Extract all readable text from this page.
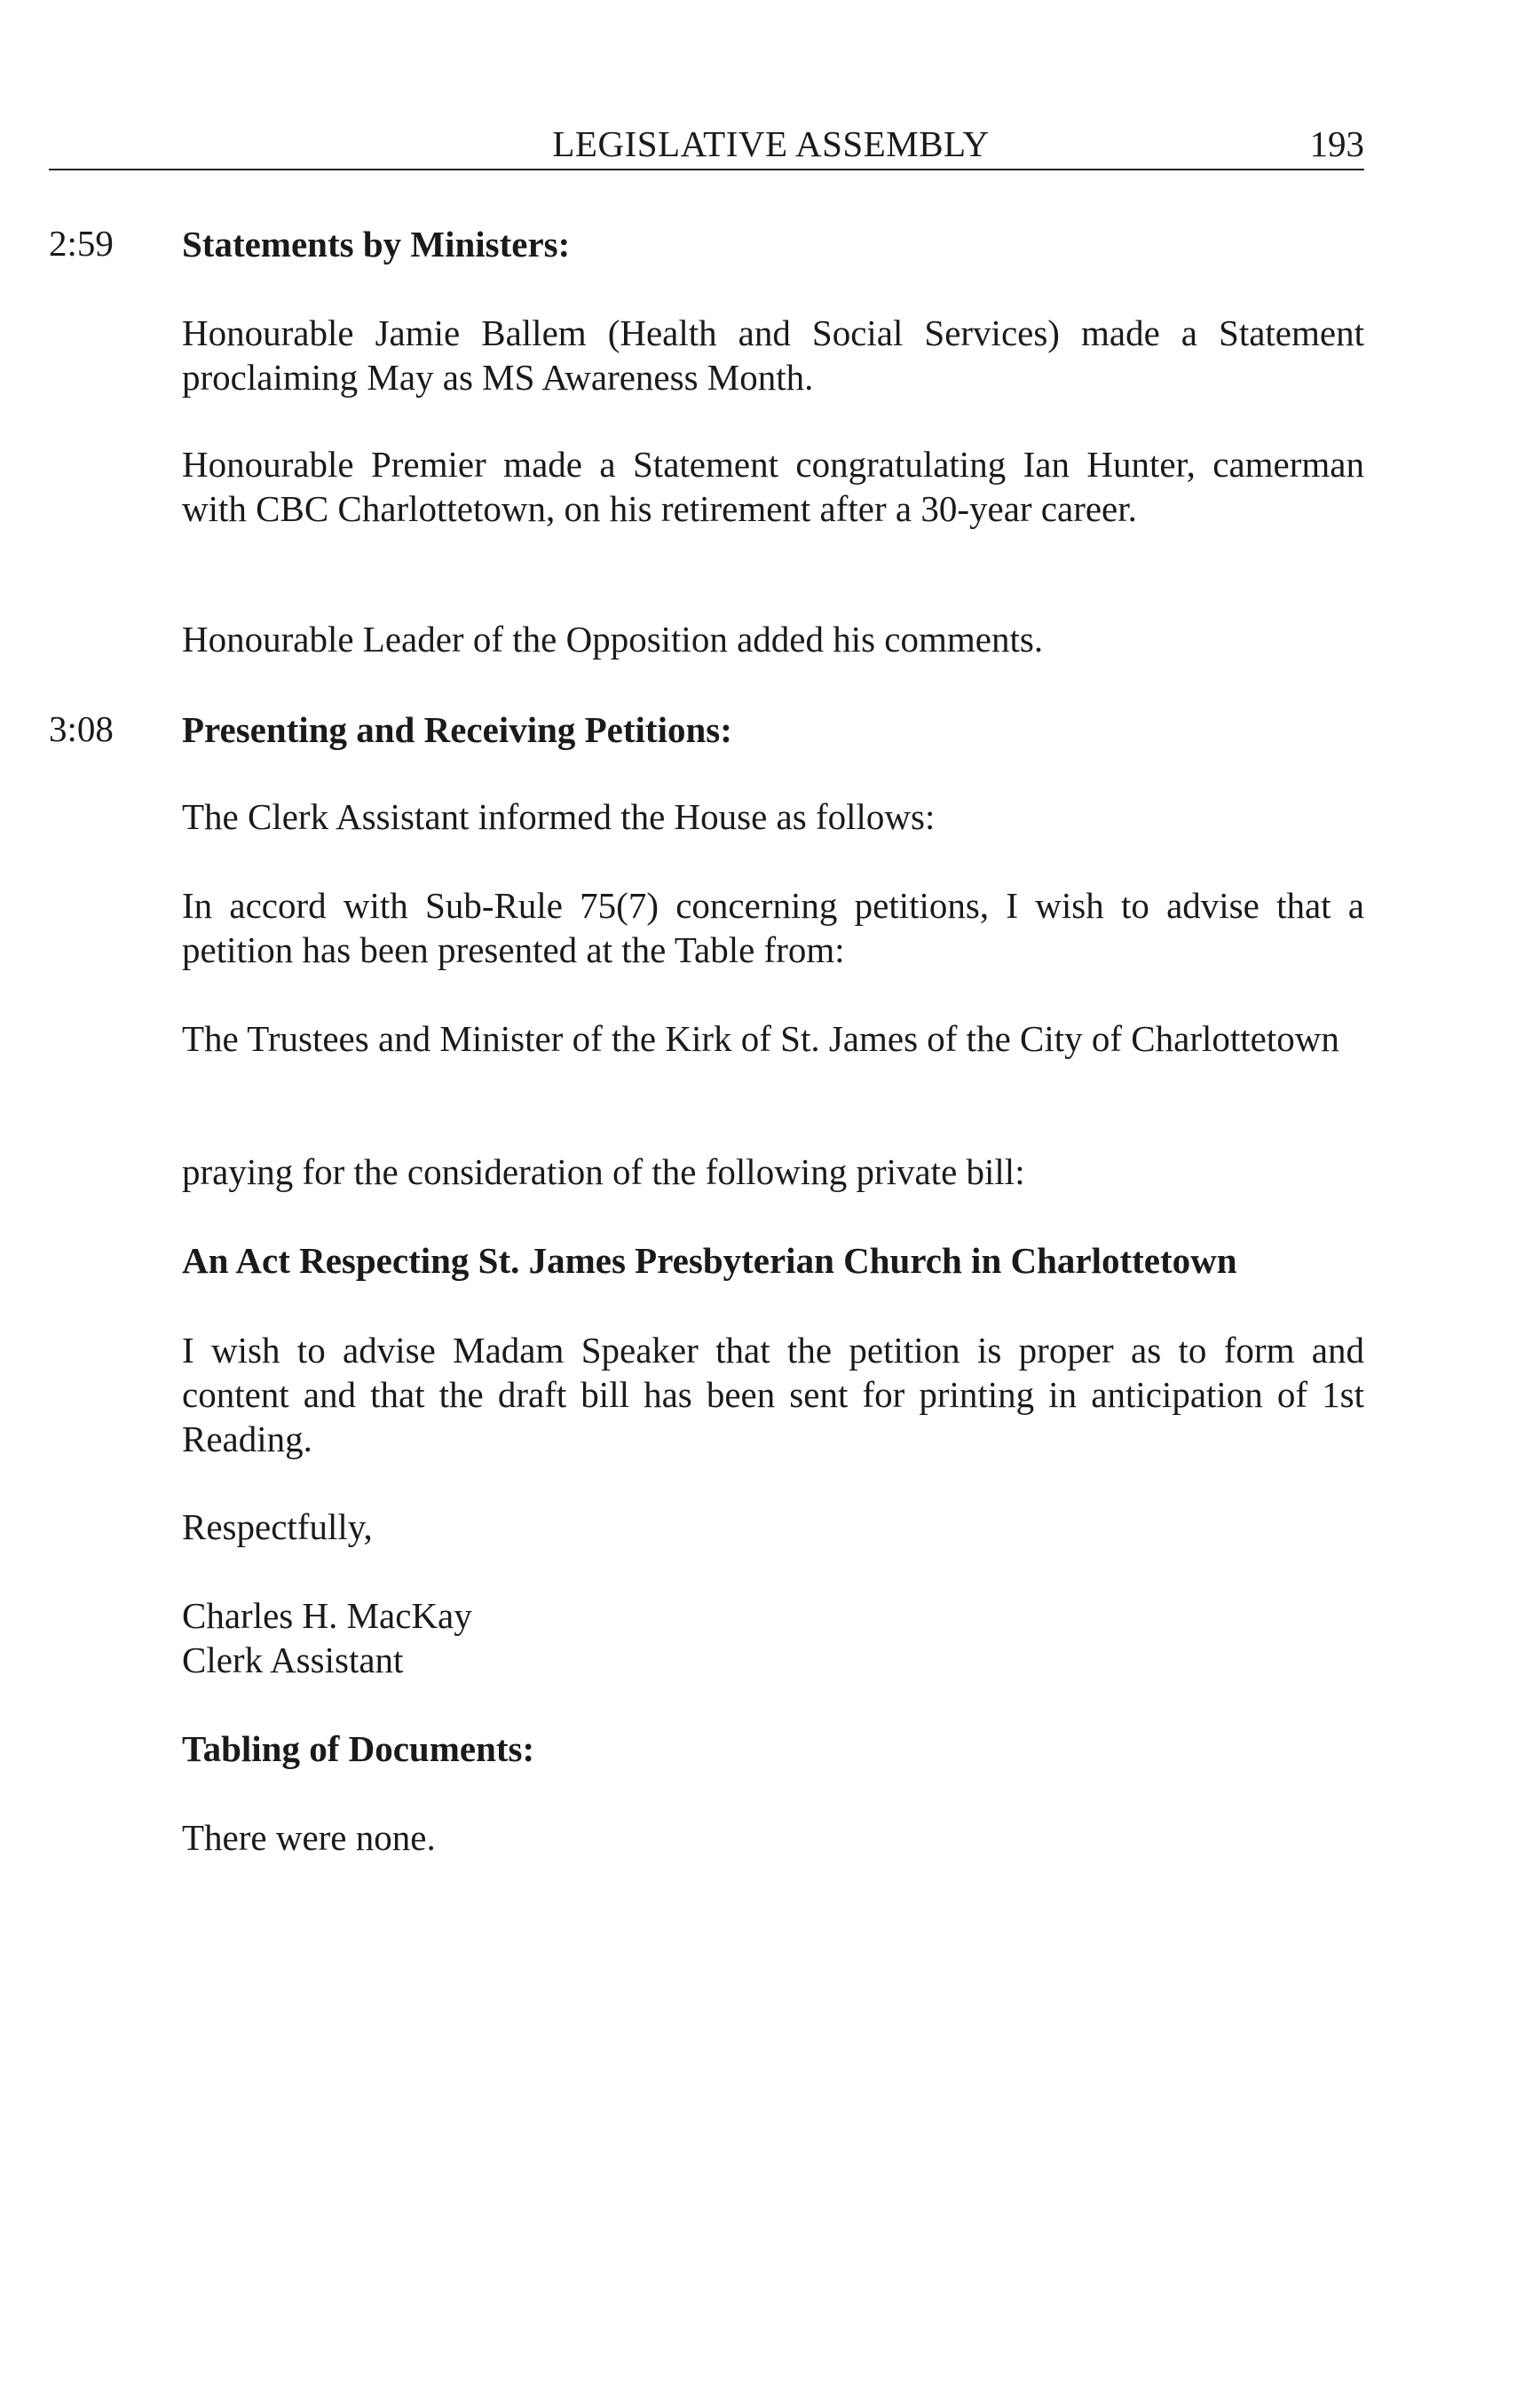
LEGISLATIVE ASSEMBLY	193
2:59 Statements by Ministers:
Honourable Jamie Ballem (Health and Social Services) made a Statement proclaiming May as MS Awareness Month.
Honourable Premier made a Statement congratulating Ian Hunter, camerman with CBC Charlottetown, on his retirement after a 30-year career.
Honourable Leader of the Opposition added his comments.
3:08 Presenting and Receiving Petitions:
The Clerk Assistant informed the House as follows:
In accord with Sub-Rule 75(7) concerning petitions, I wish to advise that a petition has been presented at the Table from:
The Trustees and Minister of the Kirk of St. James of the City of Charlottetown
praying for the consideration of the following private bill:
An Act Respecting St. James Presbyterian Church in Charlottetown
I wish to advise Madam Speaker that the petition is proper as to form and content and that the draft bill has been sent for printing in anticipation of 1st Reading.
Respectfully,
Charles H. MacKay
Clerk Assistant
Tabling of Documents:
There were none.
